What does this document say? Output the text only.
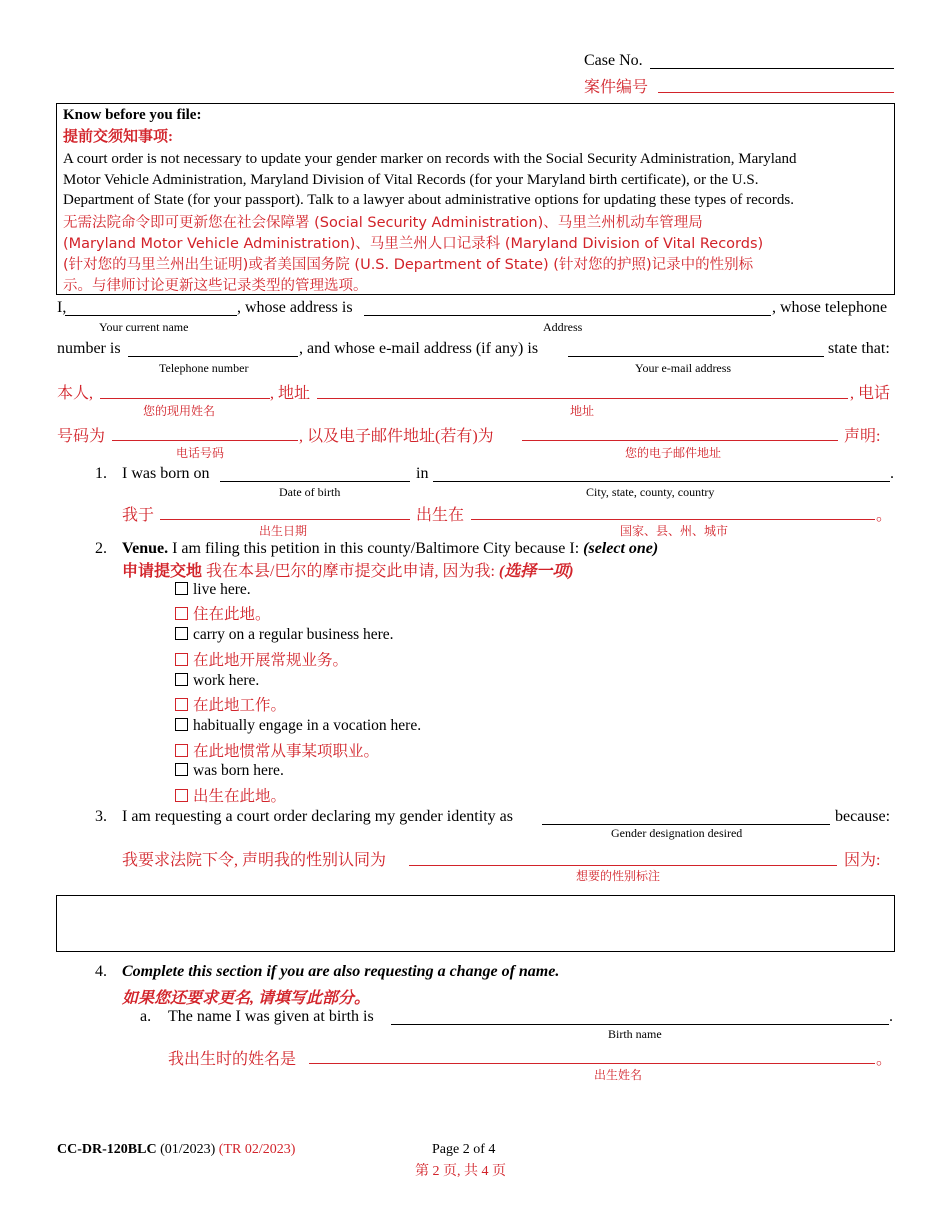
Case No.
案件编号
Know before you file:
提前交须知事项:
A court order is not necessary to update your gender marker on records with the Social Security Administration, Maryland
Motor Vehicle Administration, Maryland Division of Vital Records (for your Maryland birth certificate), or the U.S.
Department of State (for your passport). Talk to a lawyer about administrative options for updating these types of records.
无需法院命令即可更新您在社会保障署 (Social Security Administration)、马里兰州机动车管理局
(Maryland Motor Vehicle Administration)、马里兰州人口记录科 (Maryland Division of Vital Records)
(针对您的马里兰州出生证明)或者美国国务院 (U.S. Department of State) (针对您的护照)记录中的性别标
示。与律师讨论更新这些记录类型的管理选项。
I,	, whose address is	, whose telephone
Your current name	Address
number is	, and whose e-mail address (if any) is	state that:
Telephone number	Your e-mail address
本人,	, 地址	, 电话
您的现用姓名	地址
号码为	, 以及电子邮件地址(若有)为	声明:
电话号码	您的电子邮件地址
1. I was born on	in	.
Date of birth	City, state, county, country
我于	出生在	。
出生日期	国家、县、州、城市
2. Venue. I am filing this petition in this county/Baltimore City because I: (select one)
申请提交地 我在本县/巴尔的摩市提交此申请, 因为我: (选择一项)
live here.
住在此地。
carry on a regular business here.
在此地开展常规业务。
work here.
在此地工作。
habitually engage in a vocation here.
在此地惯常从事某项职业。
was born here.
出生在此地。
3. I am requesting a court order declaring my gender identity as	because:
Gender designation desired
我要求法院下令, 声明我的性别认同为	因为:
想要的性别标注
4. Complete this section if you are also requesting a change of name.
如果您还要求更名, 请填写此部分。
a. The name I was given at birth is	.
Birth name
我出生时的姓名是	。
出生姓名
CC-DR-120BLC (01/2023) (TR 02/2023)	Page 2 of 4
第 2 页, 共 4 页
